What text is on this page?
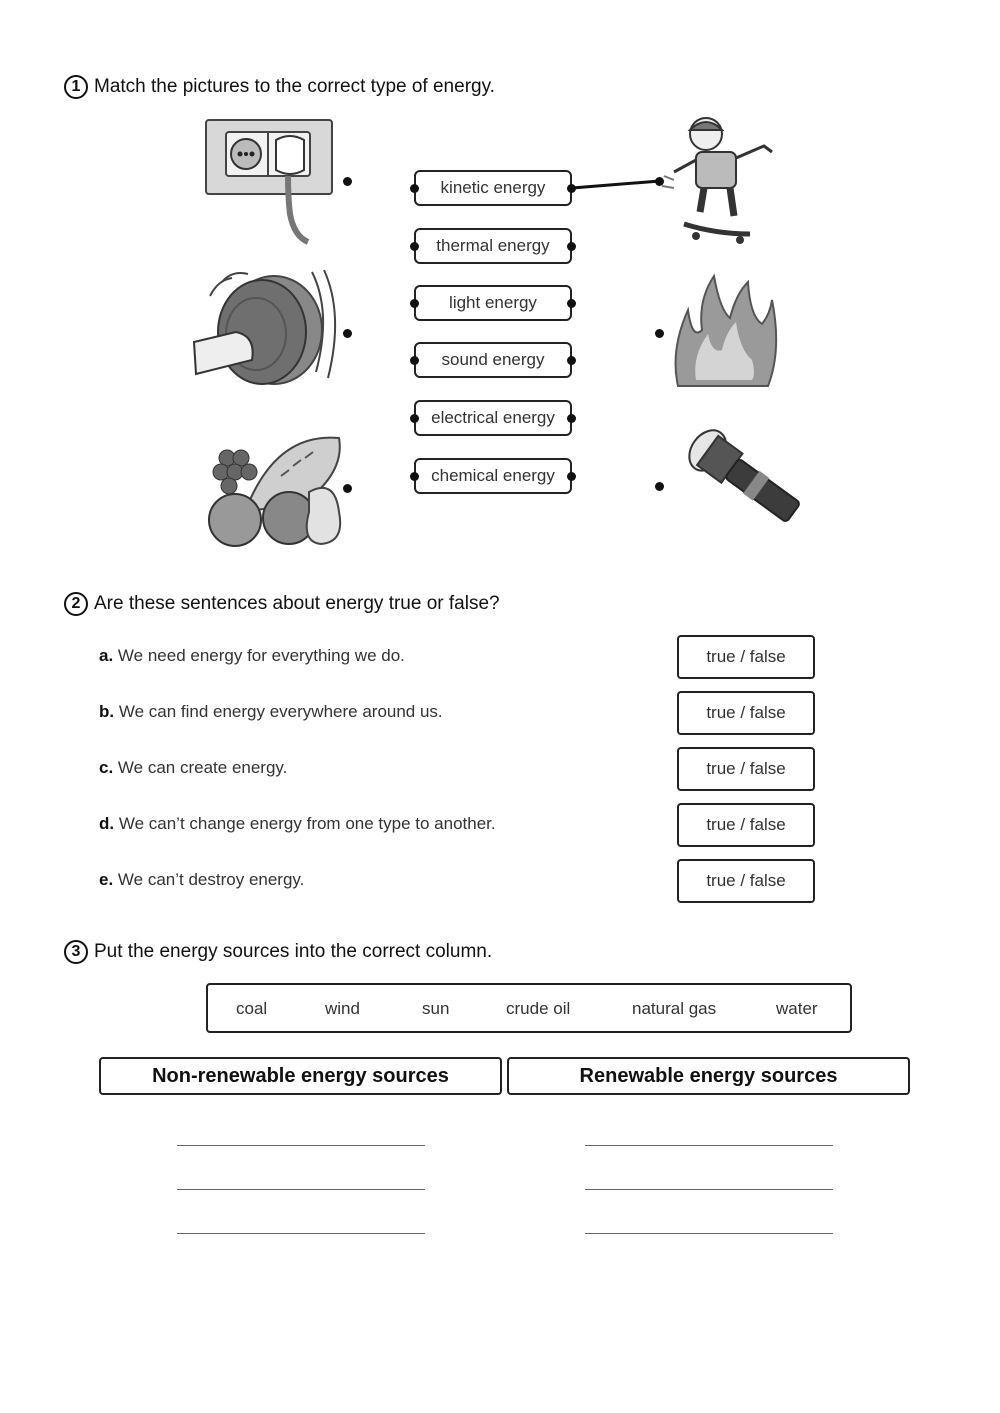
1 Match the pictures to the correct type of energy.
kinetic energy
thermal energy
light energy
sound energy
electrical energy
chemical energy
2 Are these sentences about energy true or false?
a. We need energy for everything we do.	true / false
b. We can find energy everywhere around us.	true / false
c. We can create energy.	true / false
d. We can’t change energy from one type to another.	true / false
e. We can’t destroy energy.	true / false
3 Put the energy sources into the correct column.
coal	wind	sun	crude oil	natural gas	water
Non-renewable energy sources	Renewable energy sources
